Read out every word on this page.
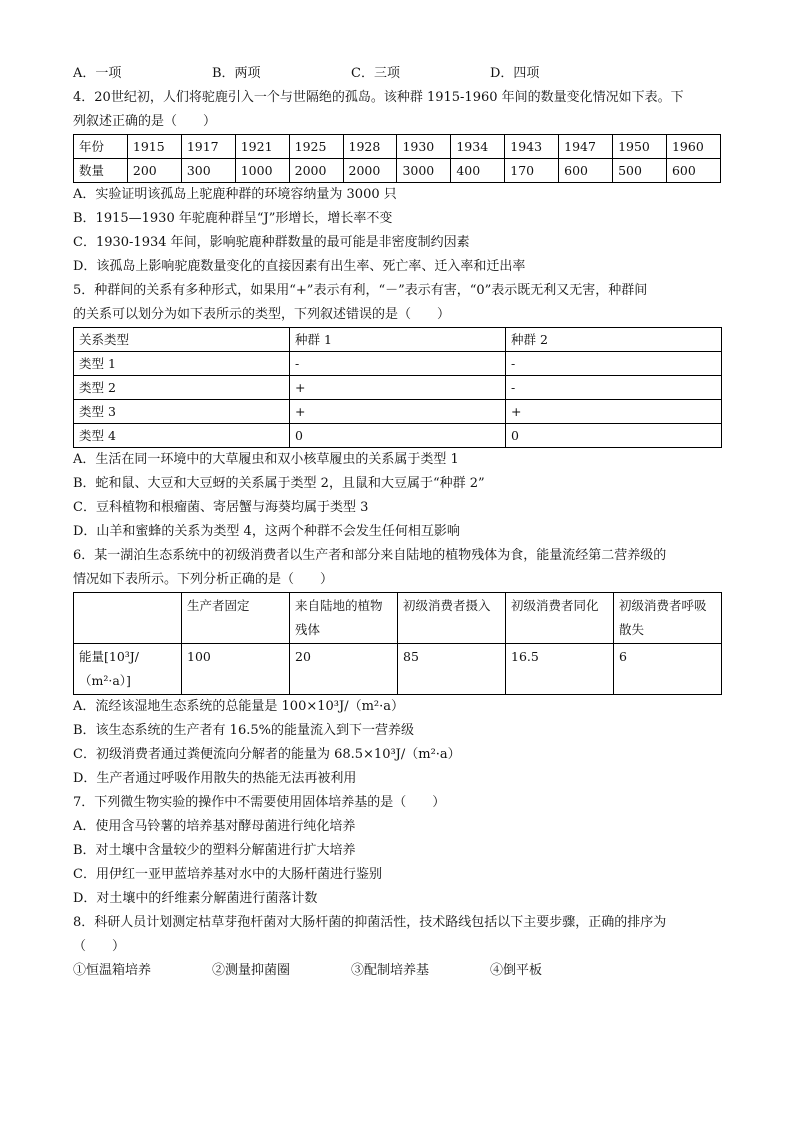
A．一项	B．两项	C．三项	D．四项
4．20世纪初，人们将驼鹿引入一个与世隔绝的孤岛。该种群 1915-1960 年间的数量变化情况如下表。下
列叙述正确的是（　　）
年份	1915	1917	1921	1925	1928	1930	1934	1943	1947	1950	1960
数量	200	300	1000	2000	2000	3000	400	170	600	500	600
A．实验证明该孤岛上驼鹿种群的环境容纳量为 3000 只
B．1915—1930 年驼鹿种群呈“J”形增长，增长率不变
C．1930-1934 年间，影响驼鹿种群数量的最可能是非密度制约因素
D．该孤岛上影响驼鹿数量变化的直接因素有出生率、死亡率、迁入率和迁出率
5．种群间的关系有多种形式，如果用“+”表示有利，“－”表示有害，“0”表示既无利又无害，种群间
的关系可以划分为如下表所示的类型，下列叙述错误的是（　　）
关系类型	种群 1	种群 2
类型 1	-	-
类型 2	+	-
类型 3	+	+
类型 4	0	0
A．生活在同一环境中的大草履虫和双小核草履虫的关系属于类型 1
B．蛇和鼠、大豆和大豆蚜的关系属于类型 2，且鼠和大豆属于“种群 2”
C．豆科植物和根瘤菌、寄居蟹与海葵均属于类型 3
D．山羊和蜜蜂的关系为类型 4，这两个种群不会发生任何相互影响
6．某一湖泊生态系统中的初级消费者以生产者和部分来自陆地的植物残体为食，能量流经第二营养级的
情况如下表所示。下列分析正确的是（　　）
	生产者固定	来自陆地的植物残体	初级消费者摄入	初级消费者同化	初级消费者呼吸散失
能量[10³J/（m²·a）]	100	20	85	16.5	6
A．流经该湿地生态系统的总能量是 100×10³J/（m²·a）
B．该生态系统的生产者有 16.5%的能量流入到下一营养级
C．初级消费者通过粪便流向分解者的能量为 68.5×10³J/（m²·a）
D．生产者通过呼吸作用散失的热能无法再被利用
7．下列微生物实验的操作中不需要使用固体培养基的是（　　）
A．使用含马铃薯的培养基对酵母菌进行纯化培养
B．对土壤中含量较少的塑料分解菌进行扩大培养
C．用伊红一亚甲蓝培养基对水中的大肠杆菌进行鉴别
D．对土壤中的纤维素分解菌进行菌落计数
8．科研人员计划测定枯草芽孢杆菌对大肠杆菌的抑菌活性，技术路线包括以下主要步骤，正确的排序为
（　　）
①恒温箱培养	②测量抑菌圈	③配制培养基	④倒平板
